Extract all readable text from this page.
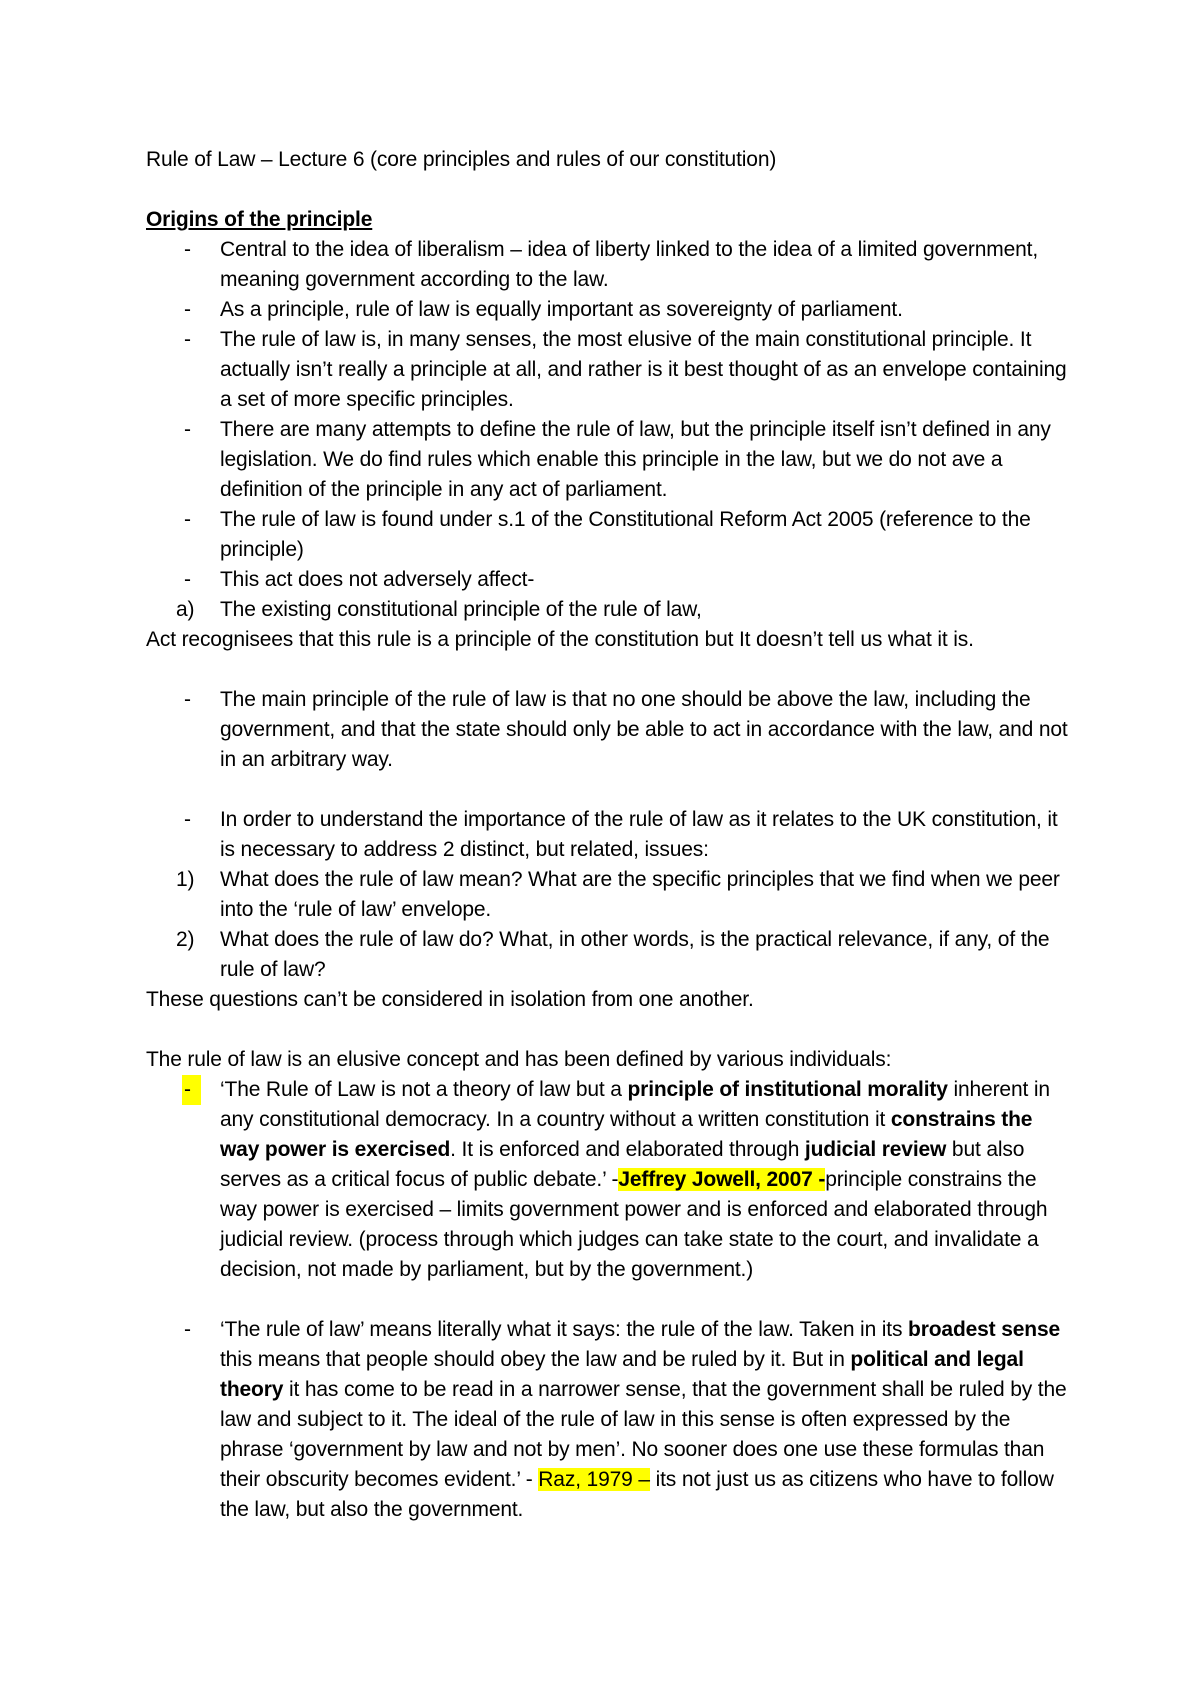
Rule of Law – Lecture 6 (core principles and rules of our constitution)

Origins of the principle

- Central to the idea of liberalism – idea of liberty linked to the idea of a limited government, meaning government according to the law.
- As a principle, rule of law is equally important as sovereignty of parliament.
- The rule of law is, in many senses, the most elusive of the main constitutional principle. It actually isn’t really a principle at all, and rather is it best thought of as an envelope containing a set of more specific principles.
- There are many attempts to define the rule of law, but the principle itself isn’t defined in any legislation. We do find rules which enable this principle in the law, but we do not ave a definition of the principle in any act of parliament.
- The rule of law is found under s.1 of the Constitutional Reform Act 2005 (reference to the principle)
- This act does not adversely affect-
a) The existing constitutional principle of the rule of law,

Act recognisees that this rule is a principle of the constitution but It doesn’t tell us what it is.

- The main principle of the rule of law is that no one should be above the law, including the government, and that the state should only be able to act in accordance with the law, and not in an arbitrary way.
- In order to understand the importance of the rule of law as it relates to the UK constitution, it is necessary to address 2 distinct, but related, issues:
1) What does the rule of law mean? What are the specific principles that we find when we peer into the ‘rule of law’ envelope.
2) What does the rule of law do? What, in other words, is the practical relevance, if any, of the rule of law?

These questions can’t be considered in isolation from one another.

The rule of law is an elusive concept and has been defined by various individuals:

-	‘The Rule of Law is not a theory of law but a principle of institutional morality inherent in any constitutional democracy. In a country without a written constitution it constrains the way power is exercised. It is enforced and elaborated through judicial review but also serves as a critical focus of public debate.’ -Jeffrey Jowell, 2007 -principle constrains the way power is exercised – limits government power and is enforced and elaborated through judicial review. (process through which judges can take state to the court, and invalidate a decision, not made by parliament, but by the government.)
- ‘The rule of law’ means literally what it says: the rule of the law. Taken in its broadest sense this means that people should obey the law and be ruled by it. But in political and legal theory it has come to be read in a narrower sense, that the government shall be ruled by the law and subject to it. The ideal of the rule of law in this sense is often expressed by the phrase ‘government by law and not by men’. No sooner does one use these formulas than their obscurity becomes evident.’ - Raz, 1979 – its not just us as citizens who have to follow the law, but also the government.
